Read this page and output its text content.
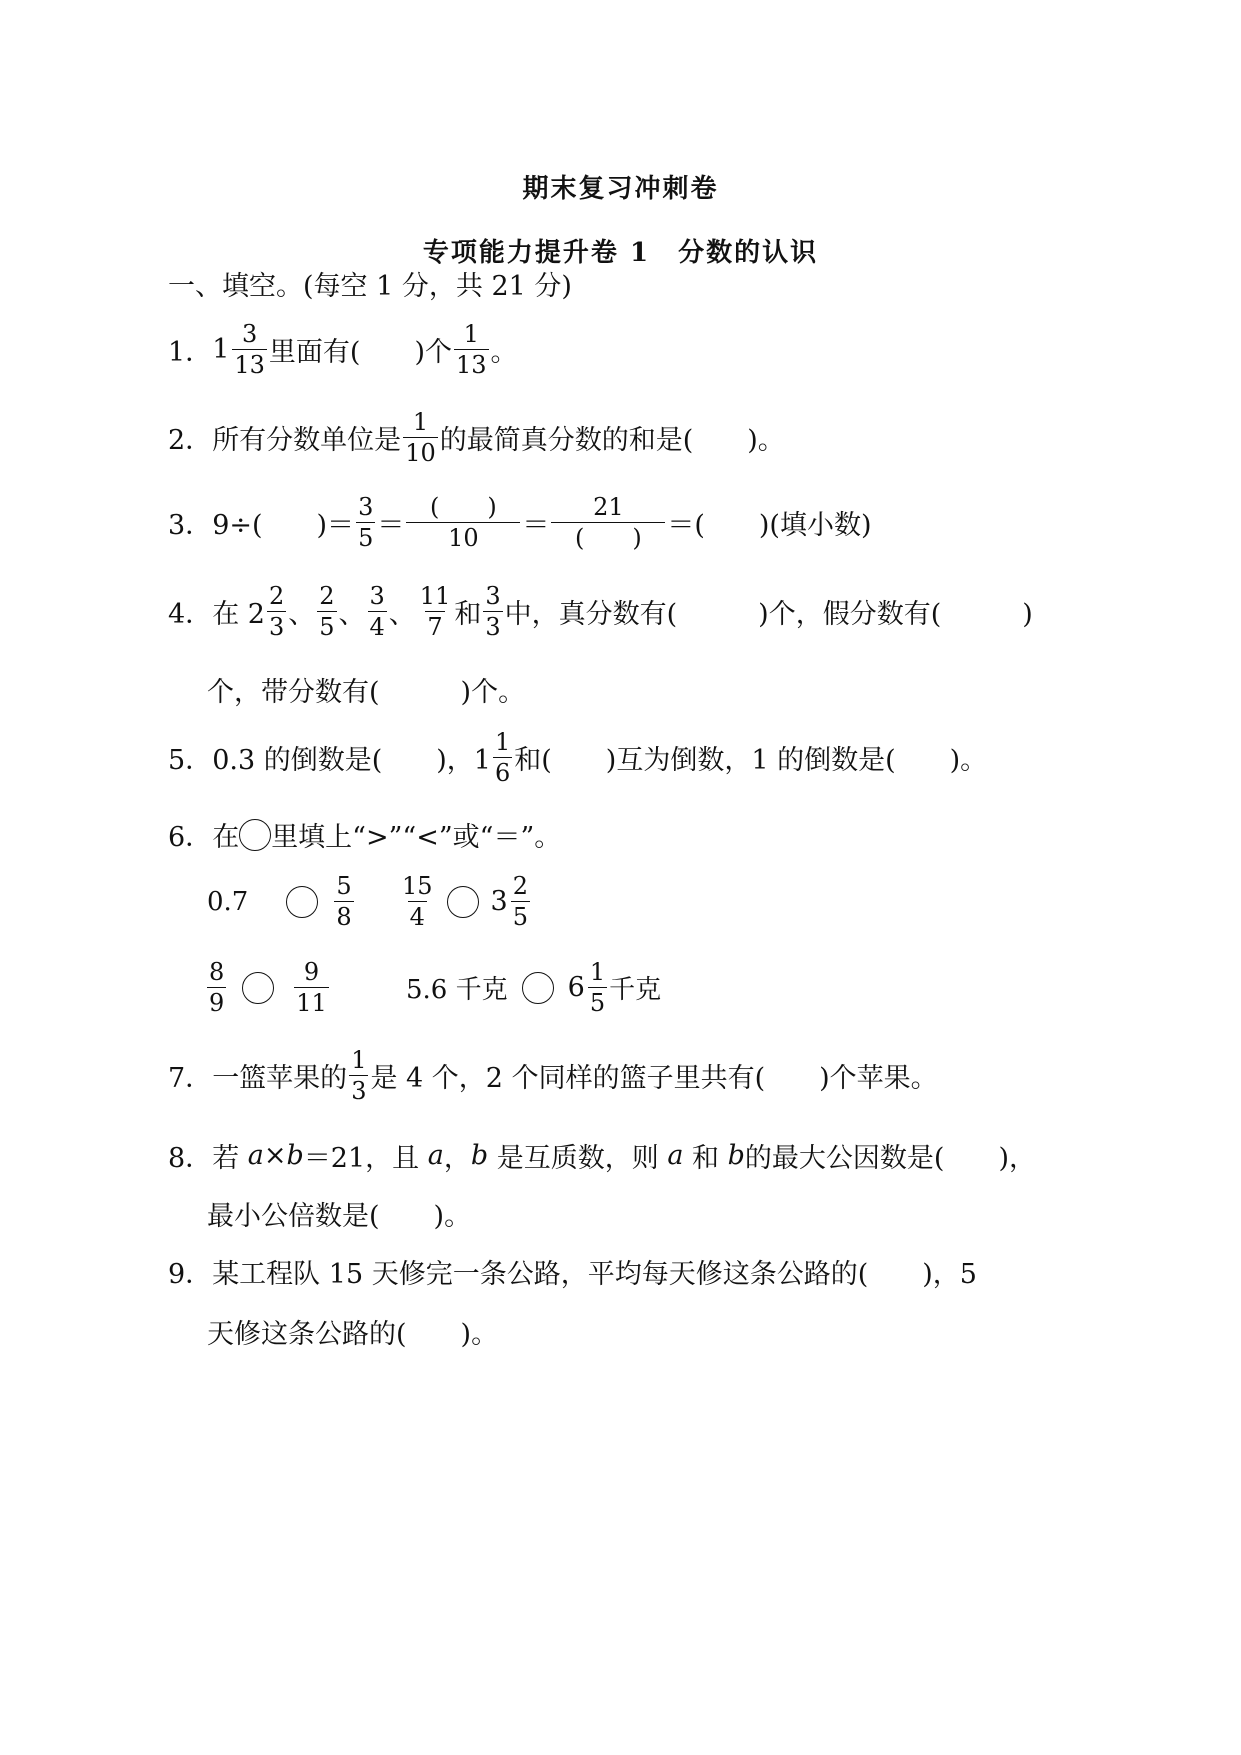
期末复习冲刺卷
专项能力提升卷 1　分数的认识
一、填空。(每空 1 分，共 21 分)
1． $1 \frac{3}{13}$ 里面有(　　)个 $\frac{1}{13}$ 。
2． 所有分数单位是 $\frac{1}{10}$ 的最简真分数的和是(　　)。
3． 9÷(　　)＝ $\frac{3}{5} = \frac{( )}{10} = \frac{21}{( )}$ ＝(　　)(填小数)
4． 在 $2 \frac{2}{3}$ 、 $\frac{2}{5}$ 、 $\frac{3}{4}$ 、 $\frac{11}{7}$ 和 $\frac{3}{3}$ 中，真分数有(　　　)个，假分数有(　　　)
个，带分数有(　　　)个。
5． 0.3 的倒数是(　　)，$1 \frac{1}{6}$ 和(　　)互为倒数，1 的倒数是(　　)。
6． 在 里填上“>”“<”或“＝”。
0.7	$\frac{5}{8} \frac{15}{4} 3 \frac{2}{5}$
$\frac{8}{9}$	$\frac{9}{11}$	5.6 千克 $6 \frac{1}{5}$ 千克
7． 一篮苹果的 $\frac{1}{3}$ 是 4 个，2 个同样的篮子里共有(　　)个苹果。
8． 若 a × b ＝21，且 a ， b 是互质数，则 a 和 b 的最大公因数是(　　)，
最小公倍数是(　　)。
9． 某工程队 15 天修完一条公路，平均每天修这条公路的(　　)，5
天修这条公路的(　　)。
